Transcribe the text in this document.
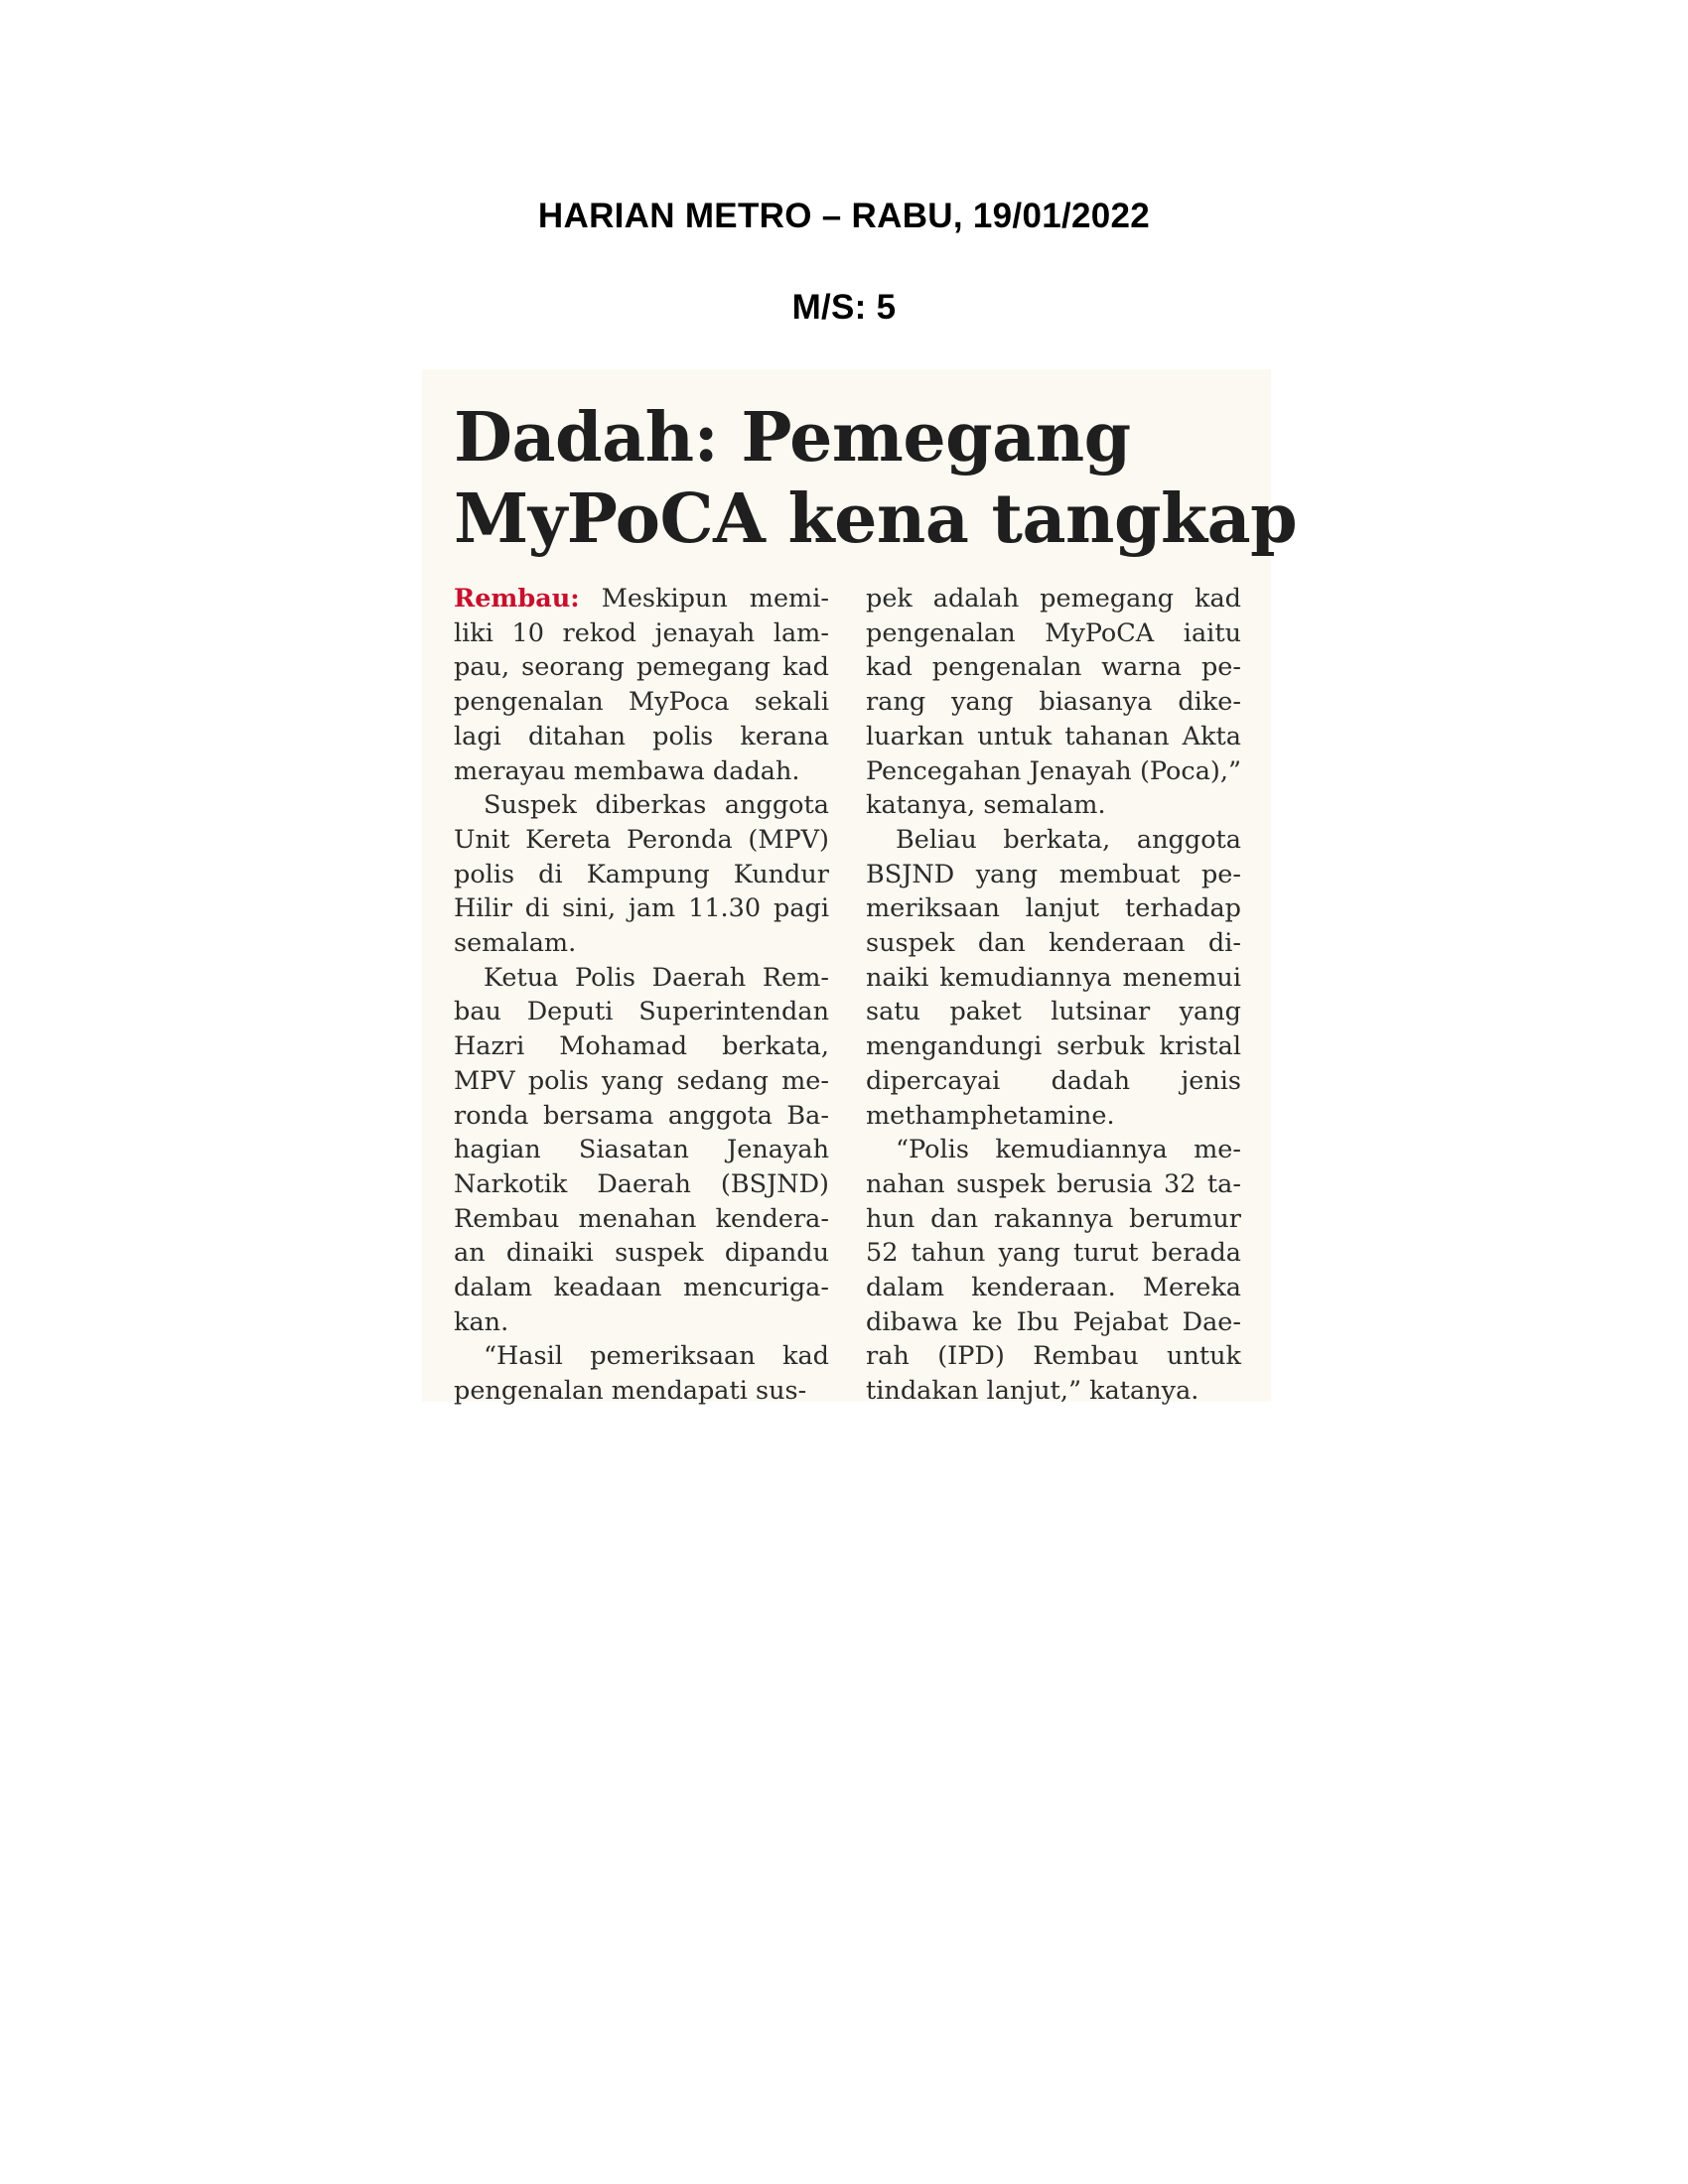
HARIAN METRO – RABU, 19/01/2022
M/S: 5
Dadah: Pemegang
MyPoCA kena tangkap

Rembau: Meskipun memiliki 10 rekod jenayah lampau, seorang pemegang kad pengenalan MyPoca sekali lagi ditahan polis kerana merayau membawa dadah.

Suspek diberkas anggota Unit Kereta Peronda (MPV) polis di Kampung Kundur Hilir di sini, jam 11.30 pagi semalam.

Ketua Polis Daerah Rembau Deputi Superintendan Hazri Mohamad berkata, MPV polis yang sedang meronda bersama anggota Bahagian Siasatan Jenayah Narkotik Daerah (BSJND) Rembau menahan kenderaan dinaiki suspek dipandu dalam keadaan mencurigakan.

“Hasil pemeriksaan kad pengenalan mendapati sus-

pek adalah pemegang kad pengenalan MyPoCA iaitu kad pengenalan warna perang yang biasanya dikeluarkan untuk tahanan Akta Pencegahan Jenayah (Poca),” katanya, semalam.

Beliau berkata, anggota BSJND yang membuat pemeriksaan lanjut terhadap suspek dan kenderaan dinaiki kemudiannya menemui satu paket lutsinar yang mengandungi serbuk kristal dipercayai dadah jenis methamphetamine.

“Polis kemudiannya menahan suspek berusia 32 tahun dan rakannya berumur 52 tahun yang turut berada dalam kenderaan. Mereka dibawa ke Ibu Pejabat Daerah (IPD) Rembau untuk tindakan lanjut,” katanya.
